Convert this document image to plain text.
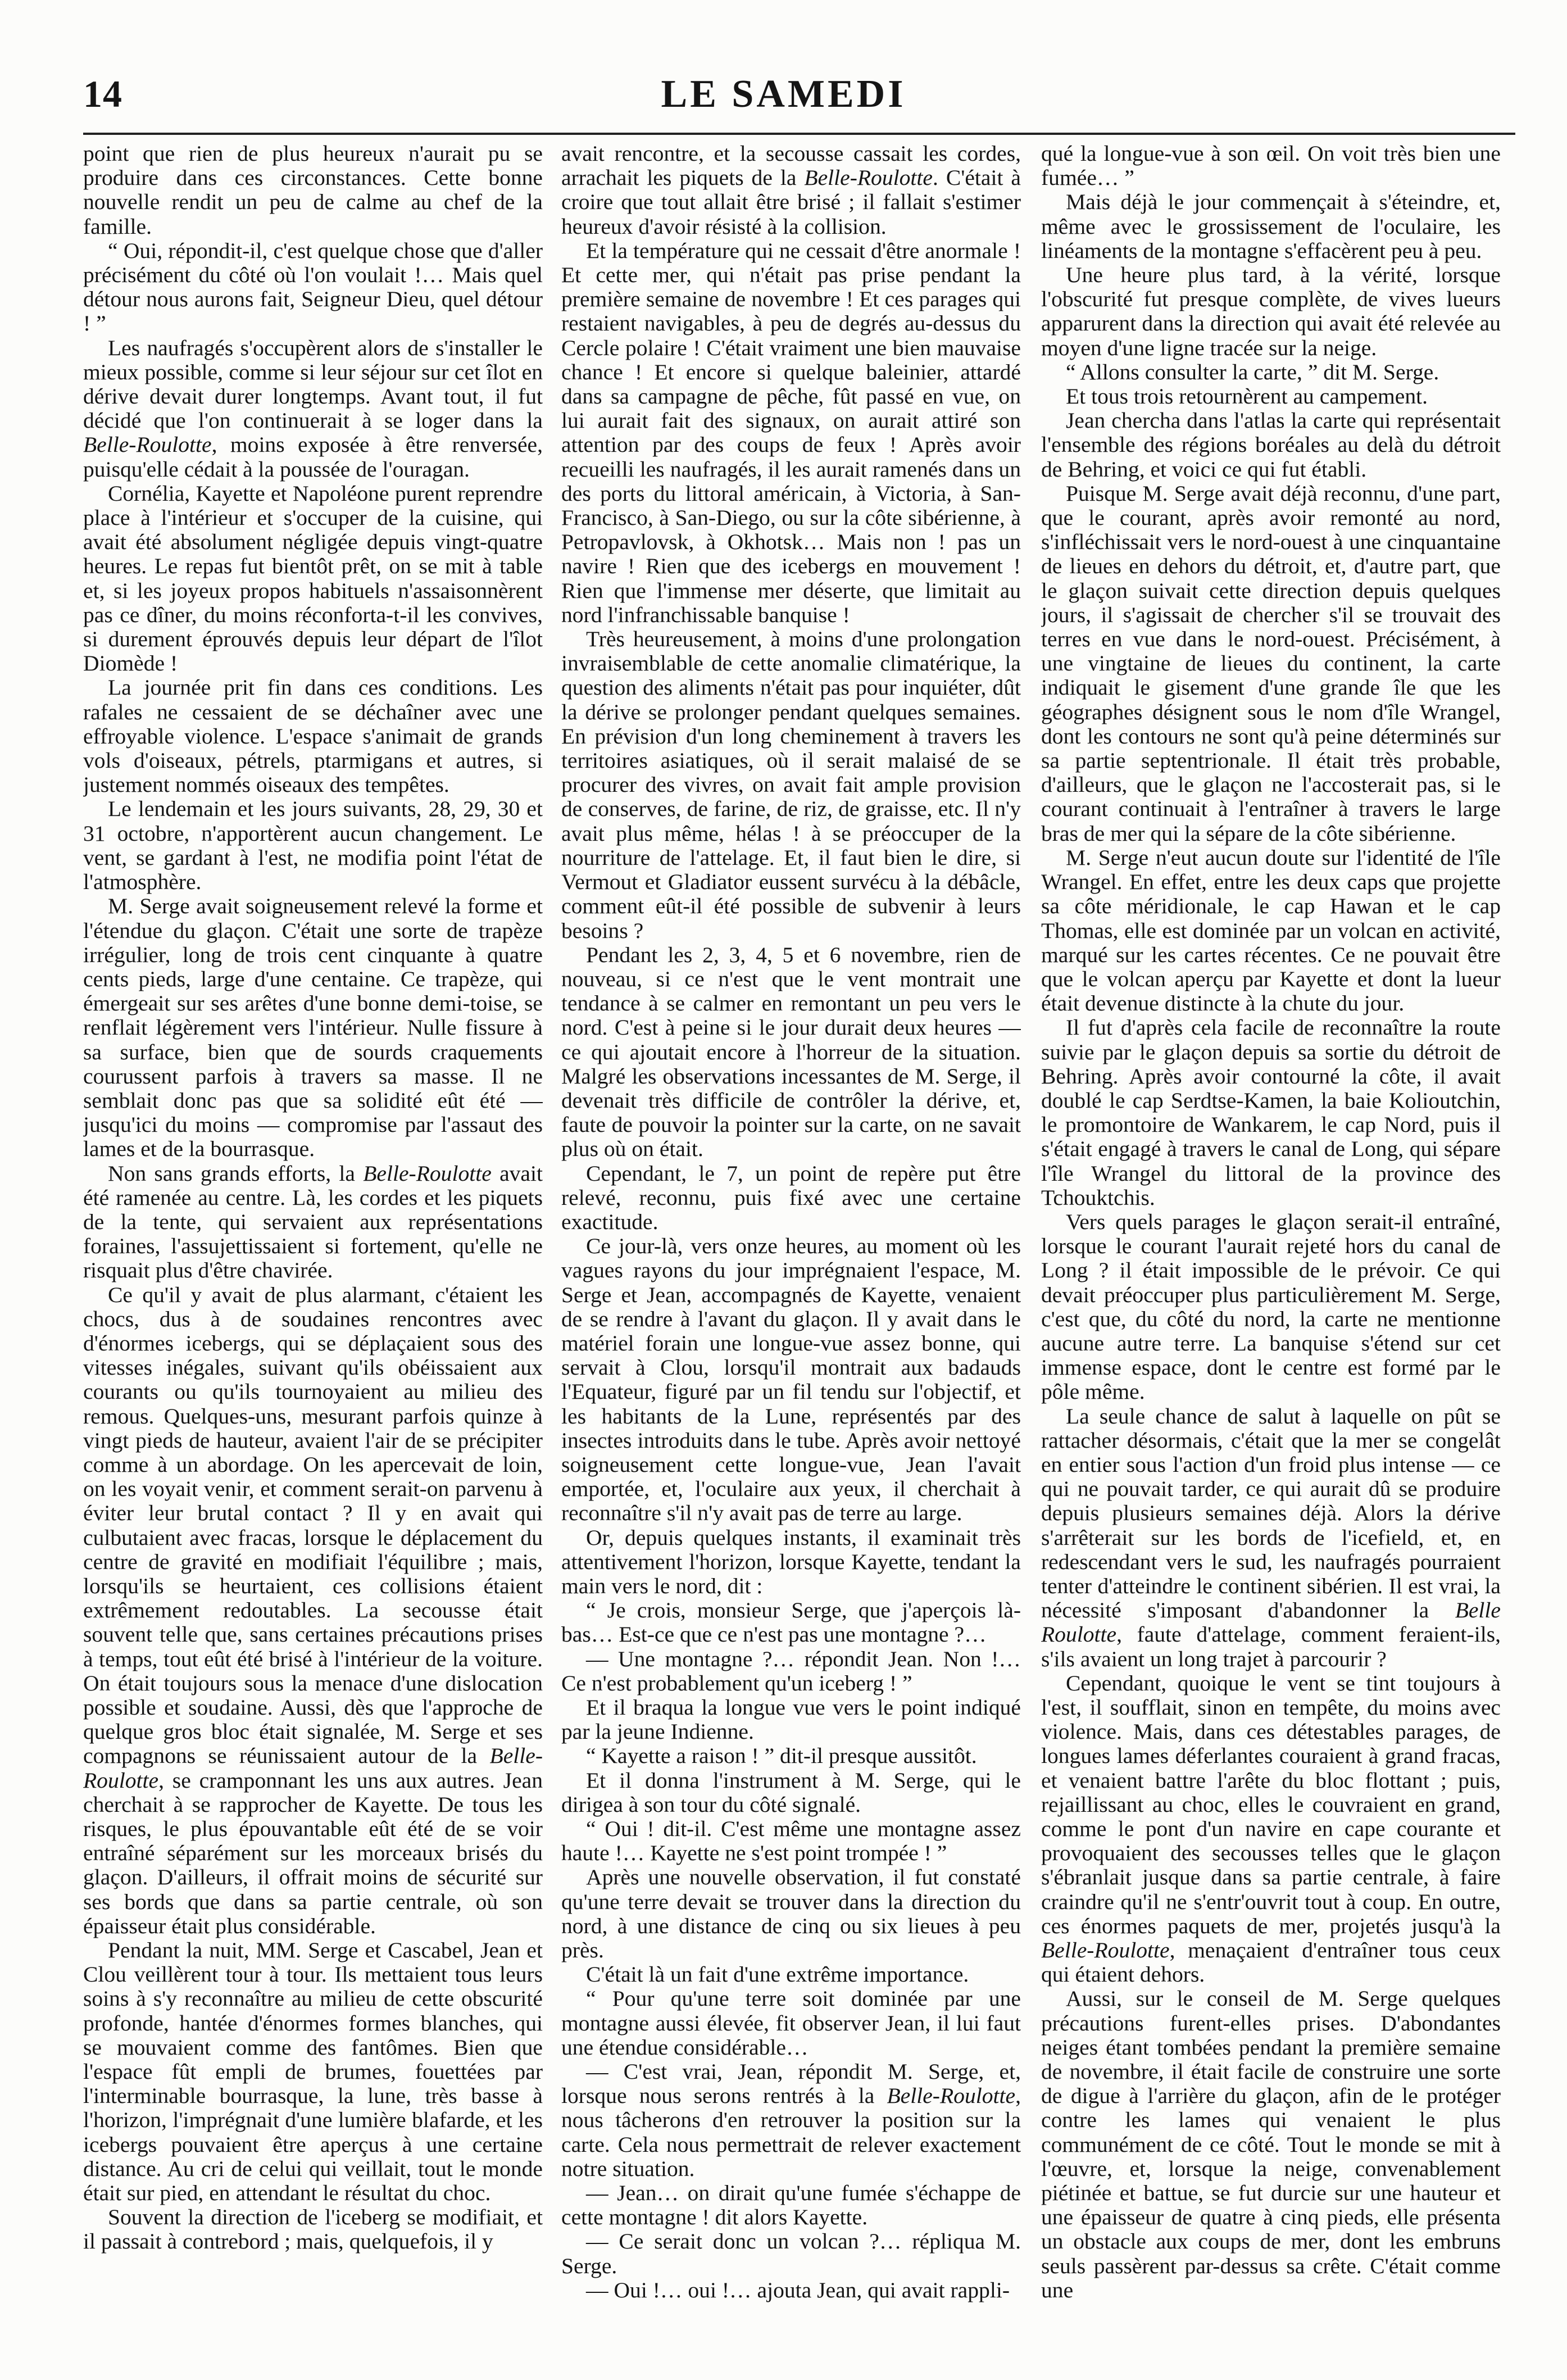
14	LE SAMEDI

point que rien de plus heureux n'aurait pu se produire dans ces circonstances. Cette bonne nouvelle rendit un peu de calme au chef de la famille.

“ Oui, répondit-il, c'est quelque chose que d'aller précisément du côté où l'on voulait !… Mais quel détour nous aurons fait, Seigneur Dieu, quel détour ! ”

Les naufragés s'occupèrent alors de s'installer le mieux possible, comme si leur séjour sur cet îlot en dérive devait durer longtemps. Avant tout, il fut décidé que l'on continuerait à se loger dans la Belle-Roulotte, moins exposée à être renversée, puisqu'elle cédait à la poussée de l'ouragan.

Cornélia, Kayette et Napoléone purent reprendre place à l'intérieur et s'occuper de la cuisine, qui avait été absolument négligée depuis vingt-quatre heures. Le repas fut bientôt prêt, on se mit à table et, si les joyeux propos habituels n'assaisonnèrent pas ce dîner, du moins réconforta-t-il les convives, si durement éprouvés depuis leur départ de l'îlot Diomède !

La journée prit fin dans ces conditions. Les rafales ne cessaient de se déchaîner avec une effroyable violence. L'espace s'animait de grands vols d'oiseaux, pétrels, ptarmigans et autres, si justement nommés oiseaux des tempêtes.

Le lendemain et les jours suivants, 28, 29, 30 et 31 octobre, n'apportèrent aucun changement. Le vent, se gardant à l'est, ne modifia point l'état de l'atmosphère.

M. Serge avait soigneusement relevé la forme et l'étendue du glaçon. C'était une sorte de trapèze irrégulier, long de trois cent cinquante à quatre cents pieds, large d'une centaine. Ce trapèze, qui émergeait sur ses arêtes d'une bonne demi-toise, se renflait légèrement vers l'intérieur. Nulle fissure à sa surface, bien que de sourds craquements courussent parfois à travers sa masse. Il ne semblait donc pas que sa solidité eût été — jusqu'ici du moins — compromise par l'assaut des lames et de la bourrasque.

Non sans grands efforts, la Belle-Roulotte avait été ramenée au centre. Là, les cordes et les piquets de la tente, qui servaient aux représentations foraines, l'assujettissaient si fortement, qu'elle ne risquait plus d'être chavirée.

Ce qu'il y avait de plus alarmant, c'étaient les chocs, dus à de soudaines rencontres avec d'énormes icebergs, qui se déplaçaient sous des vitesses inégales, suivant qu'ils obéissaient aux courants ou qu'ils tournoyaient au milieu des remous. Quelques-uns, mesurant parfois quinze à vingt pieds de hauteur, avaient l'air de se précipiter comme à un abordage. On les apercevait de loin, on les voyait venir, et comment serait-on parvenu à éviter leur brutal contact ? Il y en avait qui culbutaient avec fracas, lorsque le déplacement du centre de gravité en modifiait l'équilibre ; mais, lorsqu'ils se heurtaient, ces collisions étaient extrêmement redoutables. La secousse était souvent telle que, sans certaines précautions prises à temps, tout eût été brisé à l'intérieur de la voiture. On était toujours sous la menace d'une dislocation possible et soudaine. Aussi, dès que l'approche de quelque gros bloc était signalée, M. Serge et ses compagnons se réunissaient autour de la Belle-Roulotte, se cramponnant les uns aux autres. Jean cherchait à se rapprocher de Kayette. De tous les risques, le plus épouvantable eût été de se voir entraîné séparément sur les morceaux brisés du glaçon. D'ailleurs, il offrait moins de sécurité sur ses bords que dans sa partie centrale, où son épaisseur était plus considérable.

Pendant la nuit, MM. Serge et Cascabel, Jean et Clou veillèrent tour à tour. Ils mettaient tous leurs soins à s'y reconnaître au milieu de cette obscurité profonde, hantée d'énormes formes blanches, qui se mouvaient comme des fantômes. Bien que l'espace fût empli de brumes, fouettées par l'interminable bourrasque, la lune, très basse à l'horizon, l'imprégnait d'une lumière blafarde, et les icebergs pouvaient être aperçus à une certaine distance. Au cri de celui qui veillait, tout le monde était sur pied, en attendant le résultat du choc.

Souvent la direction de l'iceberg se modifiait, et il passait à contrebord ; mais, quelquefois, il y

avait rencontre, et la secousse cassait les cordes, arrachait les piquets de la Belle-Roulotte. C'était à croire que tout allait être brisé ; il fallait s'estimer heureux d'avoir résisté à la collision.

Et la température qui ne cessait d'être anormale ! Et cette mer, qui n'était pas prise pendant la première semaine de novembre ! Et ces parages qui restaient navigables, à peu de degrés au-dessus du Cercle polaire ! C'était vraiment une bien mauvaise chance ! Et encore si quelque baleinier, attardé dans sa campagne de pêche, fût passé en vue, on lui aurait fait des signaux, on aurait attiré son attention par des coups de feux ! Après avoir recueilli les naufragés, il les aurait ramenés dans un des ports du littoral américain, à Victoria, à San-Francisco, à San-Diego, ou sur la côte sibérienne, à Petropavlovsk, à Okhotsk… Mais non ! pas un navire ! Rien que des icebergs en mouvement ! Rien que l'immense mer déserte, que limitait au nord l'infranchissable banquise !

Très heureusement, à moins d'une prolongation invraisemblable de cette anomalie climatérique, la question des aliments n'était pas pour inquiéter, dût la dérive se prolonger pendant quelques semaines. En prévision d'un long cheminement à travers les territoires asiatiques, où il serait malaisé de se procurer des vivres, on avait fait ample provision de conserves, de farine, de riz, de graisse, etc. Il n'y avait plus même, hélas ! à se préoccuper de la nourriture de l'attelage. Et, il faut bien le dire, si Vermout et Gladiator eussent survécu à la débâcle, comment eût-il été possible de subvenir à leurs besoins ?

Pendant les 2, 3, 4, 5 et 6 novembre, rien de nouveau, si ce n'est que le vent montrait une tendance à se calmer en remontant un peu vers le nord. C'est à peine si le jour durait deux heures — ce qui ajoutait encore à l'horreur de la situation. Malgré les observations incessantes de M. Serge, il devenait très difficile de contrôler la dérive, et, faute de pouvoir la pointer sur la carte, on ne savait plus où on était.

Cependant, le 7, un point de repère put être relevé, reconnu, puis fixé avec une certaine exactitude.

Ce jour-là, vers onze heures, au moment où les vagues rayons du jour imprégnaient l'espace, M. Serge et Jean, accompagnés de Kayette, venaient de se rendre à l'avant du glaçon. Il y avait dans le matériel forain une longue-vue assez bonne, qui servait à Clou, lorsqu'il montrait aux badauds l'Equateur, figuré par un fil tendu sur l'objectif, et les habitants de la Lune, représentés par des insectes introduits dans le tube. Après avoir nettoyé soigneusement cette longue-vue, Jean l'avait emportée, et, l'oculaire aux yeux, il cherchait à reconnaître s'il n'y avait pas de terre au large.

Or, depuis quelques instants, il examinait très attentivement l'horizon, lorsque Kayette, tendant la main vers le nord, dit :

“ Je crois, monsieur Serge, que j'aperçois là-bas… Est-ce que ce n'est pas une montagne ?…

— Une montagne ?… répondit Jean. Non !… Ce n'est probablement qu'un iceberg ! ”

Et il braqua la longue vue vers le point indiqué par la jeune Indienne.

“ Kayette a raison ! ” dit-il presque aussitôt.

Et il donna l'instrument à M. Serge, qui le dirigea à son tour du côté signalé.

“ Oui ! dit-il. C'est même une montagne assez haute !… Kayette ne s'est point trompée ! ”

Après une nouvelle observation, il fut constaté qu'une terre devait se trouver dans la direction du nord, à une distance de cinq ou six lieues à peu près.

C'était là un fait d'une extrême importance.

“ Pour qu'une terre soit dominée par une montagne aussi élevée, fit observer Jean, il lui faut une étendue considérable…

— C'est vrai, Jean, répondit M. Serge, et, lorsque nous serons rentrés à la Belle-Roulotte, nous tâcherons d'en retrouver la position sur la carte. Cela nous permettrait de relever exactement notre situation.

— Jean… on dirait qu'une fumée s'échappe de cette montagne ! dit alors Kayette.

— Ce serait donc un volcan ?… répliqua M. Serge.

— Oui !… oui !… ajouta Jean, qui avait rappli-

qué la longue-vue à son œil. On voit très bien une fumée… ”

Mais déjà le jour commençait à s'éteindre, et, même avec le grossissement de l'oculaire, les linéaments de la montagne s'effacèrent peu à peu.

Une heure plus tard, à la vérité, lorsque l'obscurité fut presque complète, de vives lueurs apparurent dans la direction qui avait été relevée au moyen d'une ligne tracée sur la neige.

“ Allons consulter la carte, ” dit M. Serge.

Et tous trois retournèrent au campement.

Jean chercha dans l'atlas la carte qui représentait l'ensemble des régions boréales au delà du détroit de Behring, et voici ce qui fut établi.

Puisque M. Serge avait déjà reconnu, d'une part, que le courant, après avoir remonté au nord, s'infléchissait vers le nord-ouest à une cinquantaine de lieues en dehors du détroit, et, d'autre part, que le glaçon suivait cette direction depuis quelques jours, il s'agissait de chercher s'il se trouvait des terres en vue dans le nord-ouest. Précisément, à une vingtaine de lieues du continent, la carte indiquait le gisement d'une grande île que les géographes désignent sous le nom d'île Wrangel, dont les contours ne sont qu'à peine déterminés sur sa partie septentrionale. Il était très probable, d'ailleurs, que le glaçon ne l'accosterait pas, si le courant continuait à l'entraîner à travers le large bras de mer qui la sépare de la côte sibérienne.

M. Serge n'eut aucun doute sur l'identité de l'île Wrangel. En effet, entre les deux caps que projette sa côte méridionale, le cap Hawan et le cap Thomas, elle est dominée par un volcan en activité, marqué sur les cartes récentes. Ce ne pouvait être que le volcan aperçu par Kayette et dont la lueur était devenue distincte à la chute du jour.

Il fut d'après cela facile de reconnaître la route suivie par le glaçon depuis sa sortie du détroit de Behring. Après avoir contourné la côte, il avait doublé le cap Serdtse-Kamen, la baie Kolioutchin, le promontoire de Wankarem, le cap Nord, puis il s'était engagé à travers le canal de Long, qui sépare l'île Wrangel du littoral de la province des Tchouktchis.

Vers quels parages le glaçon serait-il entraîné, lorsque le courant l'aurait rejeté hors du canal de Long ? il était impossible de le prévoir. Ce qui devait préoccuper plus particulièrement M. Serge, c'est que, du côté du nord, la carte ne mentionne aucune autre terre. La banquise s'étend sur cet immense espace, dont le centre est formé par le pôle même.

La seule chance de salut à laquelle on pût se rattacher désormais, c'était que la mer se congelât en entier sous l'action d'un froid plus intense — ce qui ne pouvait tarder, ce qui aurait dû se produire depuis plusieurs semaines déjà. Alors la dérive s'arrêterait sur les bords de l'icefield, et, en redescendant vers le sud, les naufragés pourraient tenter d'atteindre le continent sibérien. Il est vrai, la nécessité s'imposant d'abandonner la Belle Roulotte, faute d'attelage, comment feraient-ils, s'ils avaient un long trajet à parcourir ?

Cependant, quoique le vent se tint toujours à l'est, il soufflait, sinon en tempête, du moins avec violence. Mais, dans ces détestables parages, de longues lames déferlantes couraient à grand fracas, et venaient battre l'arête du bloc flottant ; puis, rejaillissant au choc, elles le couvraient en grand, comme le pont d'un navire en cape courante et provoquaient des secousses telles que le glaçon s'ébranlait jusque dans sa partie centrale, à faire craindre qu'il ne s'entr'ouvrit tout à coup. En outre, ces énormes paquets de mer, projetés jusqu'à la Belle-Roulotte, menaçaient d'entraîner tous ceux qui étaient dehors.

Aussi, sur le conseil de M. Serge quelques précautions furent-elles prises. D'abondantes neiges étant tombées pendant la première semaine de novembre, il était facile de construire une sorte de digue à l'arrière du glaçon, afin de le protéger contre les lames qui venaient le plus communément de ce côté. Tout le monde se mit à l'œuvre, et, lorsque la neige, convenablement piétinée et battue, se fut durcie sur une hauteur et une épaisseur de quatre à cinq pieds, elle présenta un obstacle aux coups de mer, dont les embruns seuls passèrent par-dessus sa crête. C'était comme une
